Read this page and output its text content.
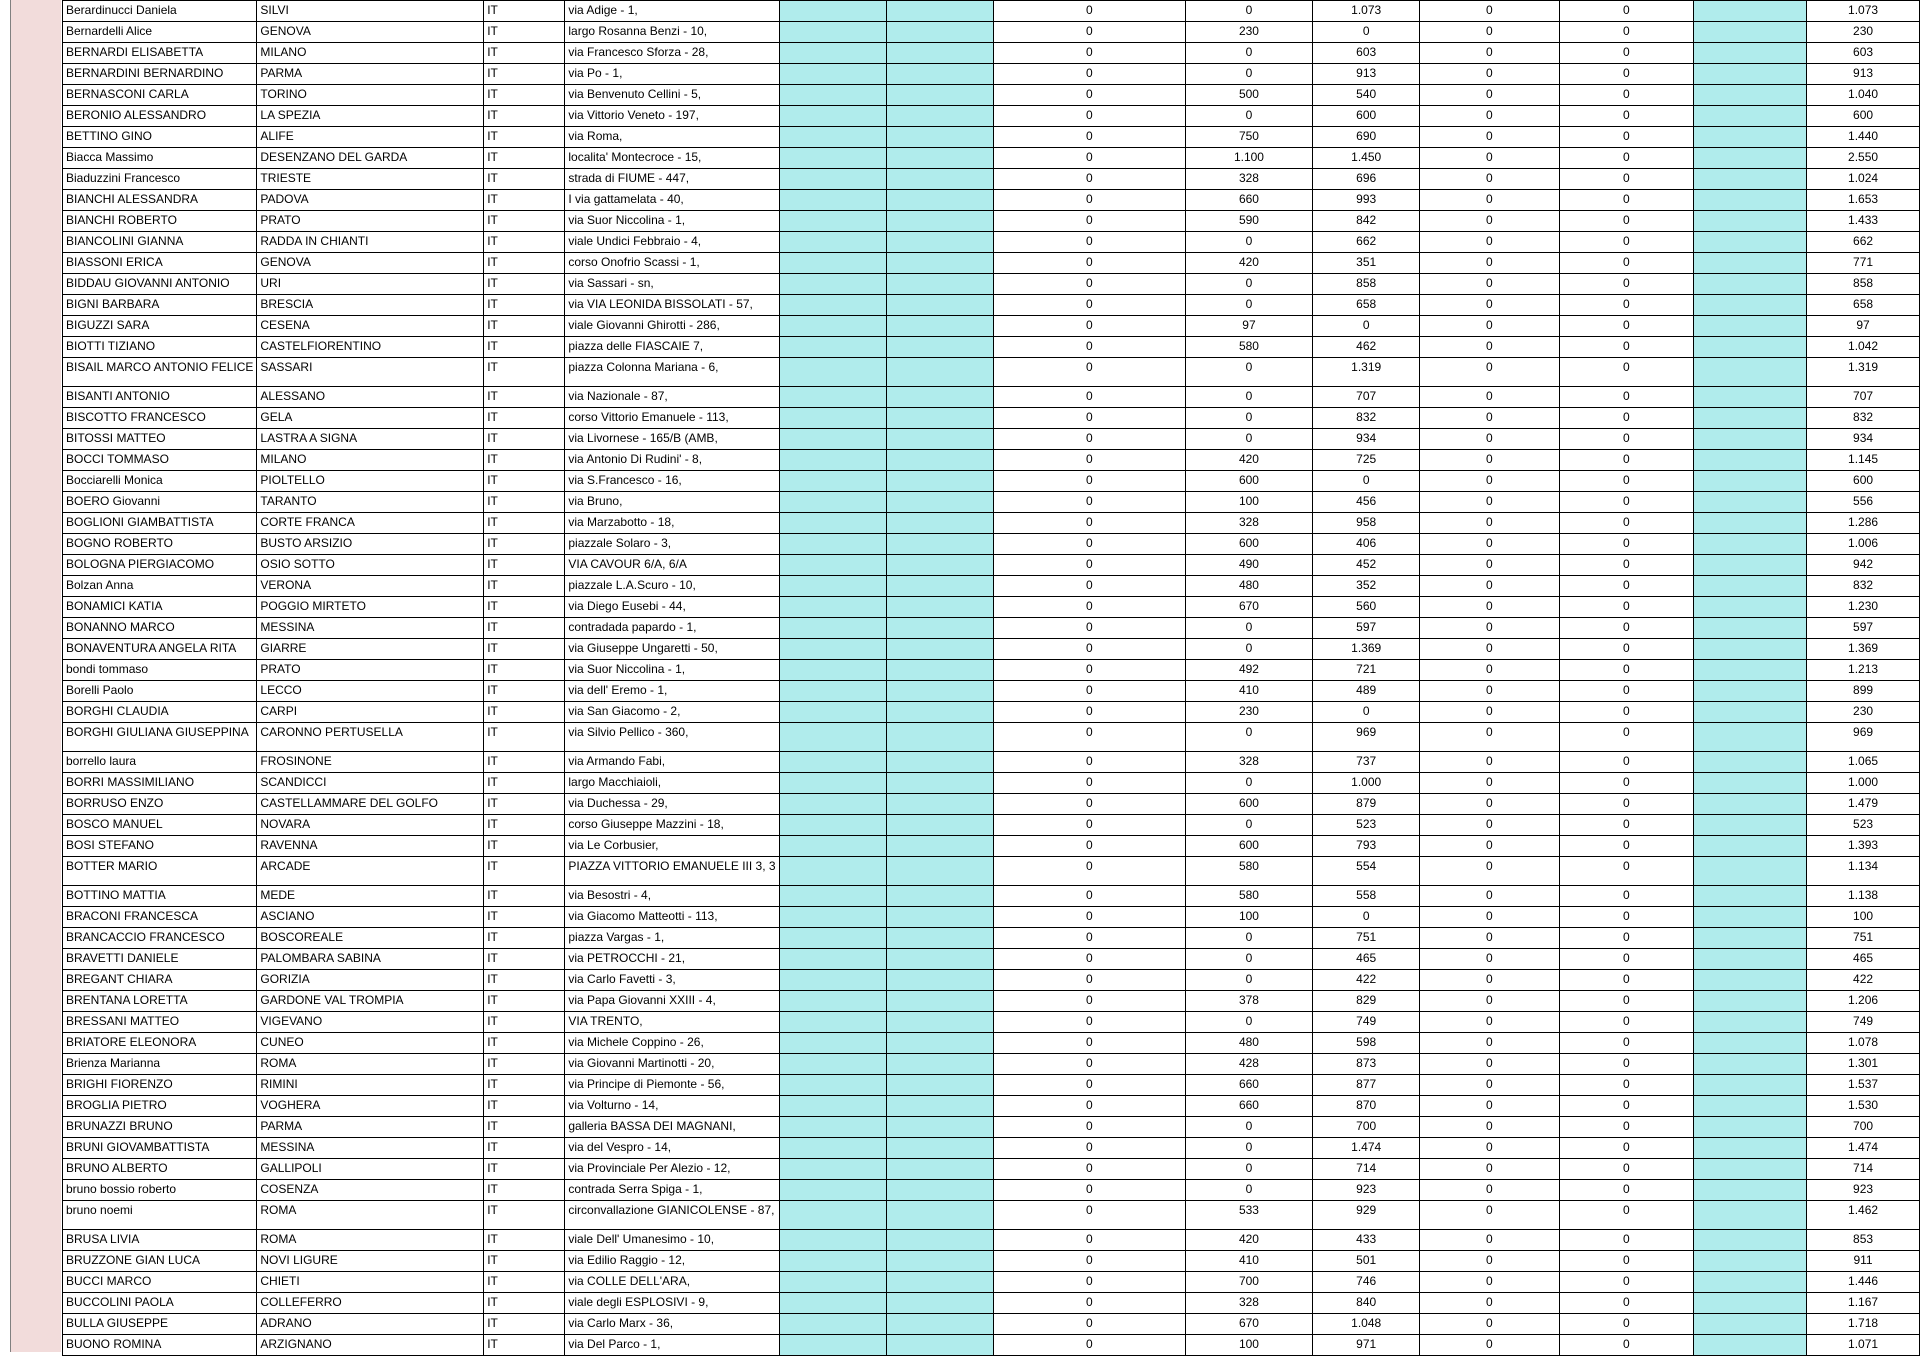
Berardinucci Daniela	SILVI	IT	via Adige - 1,			0	0	1.073	0	0		1.073
Bernardelli Alice	GENOVA	IT	largo Rosanna Benzi - 10,			0	230	0	0	0		230
BERNARDI ELISABETTA	MILANO	IT	via Francesco Sforza - 28,			0	0	603	0	0		603
BERNARDINI BERNARDINO	PARMA	IT	via Po - 1,			0	0	913	0	0		913
BERNASCONI CARLA	TORINO	IT	via Benvenuto Cellini - 5,			0	500	540	0	0		1.040
BERONIO ALESSANDRO	LA SPEZIA	IT	via Vittorio Veneto - 197,			0	0	600	0	0		600
BETTINO GINO	ALIFE	IT	via Roma,			0	750	690	0	0		1.440
Biacca Massimo	DESENZANO DEL GARDA	IT	localita' Montecroce - 15,			0	1.100	1.450	0	0		2.550
Biaduzzini Francesco	TRIESTE	IT	strada di FIUME - 447,			0	328	696	0	0		1.024
BIANCHI ALESSANDRA	PADOVA	IT	I via gattamelata - 40,			0	660	993	0	0		1.653
BIANCHI ROBERTO	PRATO	IT	via Suor Niccolina - 1,			0	590	842	0	0		1.433
BIANCOLINI GIANNA	RADDA IN CHIANTI	IT	viale Undici Febbraio - 4,			0	0	662	0	0		662
BIASSONI ERICA	GENOVA	IT	corso Onofrio Scassi - 1,			0	420	351	0	0		771
BIDDAU GIOVANNI ANTONIO	URI	IT	via Sassari - sn,			0	0	858	0	0		858
BIGNI BARBARA	BRESCIA	IT	via VIA LEONIDA BISSOLATI - 57,			0	0	658	0	0		658
BIGUZZI SARA	CESENA	IT	viale Giovanni Ghirotti - 286,			0	97	0	0	0		97
BIOTTI TIZIANO	CASTELFIORENTINO	IT	piazza delle FIASCAIE 7,			0	580	462	0	0		1.042
BISAIL MARCO ANTONIO FELICE	SASSARI	IT	piazza Colonna Mariana - 6,			0	0	1.319	0	0		1.319
BISANTI ANTONIO	ALESSANO	IT	via Nazionale - 87,			0	0	707	0	0		707
BISCOTTO FRANCESCO	GELA	IT	corso Vittorio Emanuele - 113,			0	0	832	0	0		832
BITOSSI MATTEO	LASTRA A SIGNA	IT	via Livornese - 165/B (AMB,			0	0	934	0	0		934
BOCCI TOMMASO	MILANO	IT	via Antonio Di Rudini' - 8,			0	420	725	0	0		1.145
Bocciarelli Monica	PIOLTELLO	IT	via S.Francesco - 16,			0	600	0	0	0		600
BOERO Giovanni	TARANTO	IT	via Bruno,			0	100	456	0	0		556
BOGLIONI GIAMBATTISTA	CORTE FRANCA	IT	via Marzabotto - 18,			0	328	958	0	0		1.286
BOGNO ROBERTO	BUSTO ARSIZIO	IT	piazzale Solaro - 3,			0	600	406	0	0		1.006
BOLOGNA PIERGIACOMO	OSIO SOTTO	IT	VIA CAVOUR 6/A, 6/A			0	490	452	0	0		942
Bolzan Anna	VERONA	IT	piazzale L.A.Scuro - 10,			0	480	352	0	0		832
BONAMICI KATIA	POGGIO MIRTETO	IT	via Diego Eusebi - 44,			0	670	560	0	0		1.230
BONANNO MARCO	MESSINA	IT	contradada papardo - 1,			0	0	597	0	0		597
BONAVENTURA ANGELA RITA	GIARRE	IT	via Giuseppe Ungaretti - 50,			0	0	1.369	0	0		1.369
bondi tommaso	PRATO	IT	via Suor Niccolina - 1,			0	492	721	0	0		1.213
Borelli Paolo	LECCO	IT	via dell' Eremo - 1,			0	410	489	0	0		899
BORGHI CLAUDIA	CARPI	IT	via San Giacomo - 2,			0	230	0	0	0		230
BORGHI GIULIANA GIUSEPPINA	CARONNO PERTUSELLA	IT	via Silvio Pellico - 360,			0	0	969	0	0		969
borrello laura	FROSINONE	IT	via Armando Fabi,			0	328	737	0	0		1.065
BORRI MASSIMILIANO	SCANDICCI	IT	largo Macchiaioli,			0	0	1.000	0	0		1.000
BORRUSO ENZO	CASTELLAMMARE DEL GOLFO	IT	via Duchessa - 29,			0	600	879	0	0		1.479
BOSCO MANUEL	NOVARA	IT	corso Giuseppe Mazzini - 18,			0	0	523	0	0		523
BOSI STEFANO	RAVENNA	IT	via Le Corbusier,			0	600	793	0	0		1.393
BOTTER MARIO	ARCADE	IT	PIAZZA VITTORIO EMANUELE III 3, 3			0	580	554	0	0		1.134
BOTTINO MATTIA	MEDE	IT	via Besostri - 4,			0	580	558	0	0		1.138
BRACONI FRANCESCA	ASCIANO	IT	via Giacomo Matteotti - 113,			0	100	0	0	0		100
BRANCACCIO FRANCESCO	BOSCOREALE	IT	piazza Vargas - 1,			0	0	751	0	0		751
BRAVETTI DANIELE	PALOMBARA SABINA	IT	via PETROCCHI - 21,			0	0	465	0	0		465
BREGANT CHIARA	GORIZIA	IT	via Carlo Favetti - 3,			0	0	422	0	0		422
BRENTANA LORETTA	GARDONE VAL TROMPIA	IT	via Papa Giovanni XXIII - 4,			0	378	829	0	0		1.206
BRESSANI MATTEO	VIGEVANO	IT	VIA TRENTO,			0	0	749	0	0		749
BRIATORE ELEONORA	CUNEO	IT	via Michele Coppino - 26,			0	480	598	0	0		1.078
Brienza Marianna	ROMA	IT	via Giovanni Martinotti - 20,			0	428	873	0	0		1.301
BRIGHI FIORENZO	RIMINI	IT	via Principe di Piemonte - 56,			0	660	877	0	0		1.537
BROGLIA PIETRO	VOGHERA	IT	via Volturno - 14,			0	660	870	0	0		1.530
BRUNAZZI BRUNO	PARMA	IT	galleria BASSA DEI MAGNANI,			0	0	700	0	0		700
BRUNI GIOVAMBATTISTA	MESSINA	IT	via del Vespro - 14,			0	0	1.474	0	0		1.474
BRUNO ALBERTO	GALLIPOLI	IT	via Provinciale Per Alezio - 12,			0	0	714	0	0		714
bruno bossio roberto	COSENZA	IT	contrada Serra Spiga - 1,			0	0	923	0	0		923
bruno noemi	ROMA	IT	circonvallazione GIANICOLENSE - 87,			0	533	929	0	0		1.462
BRUSA LIVIA	ROMA	IT	viale Dell' Umanesimo - 10,			0	420	433	0	0		853
BRUZZONE GIAN LUCA	NOVI LIGURE	IT	via Edilio Raggio - 12,			0	410	501	0	0		911
BUCCI MARCO	CHIETI	IT	via COLLE DELL'ARA,			0	700	746	0	0		1.446
BUCCOLINI PAOLA	COLLEFERRO	IT	viale degli ESPLOSIVI - 9,			0	328	840	0	0		1.167
BULLA GIUSEPPE	ADRANO	IT	via Carlo Marx - 36,			0	670	1.048	0	0		1.718
BUONO ROMINA	ARZIGNANO	IT	via Del Parco - 1,			0	100	971	0	0		1.071
